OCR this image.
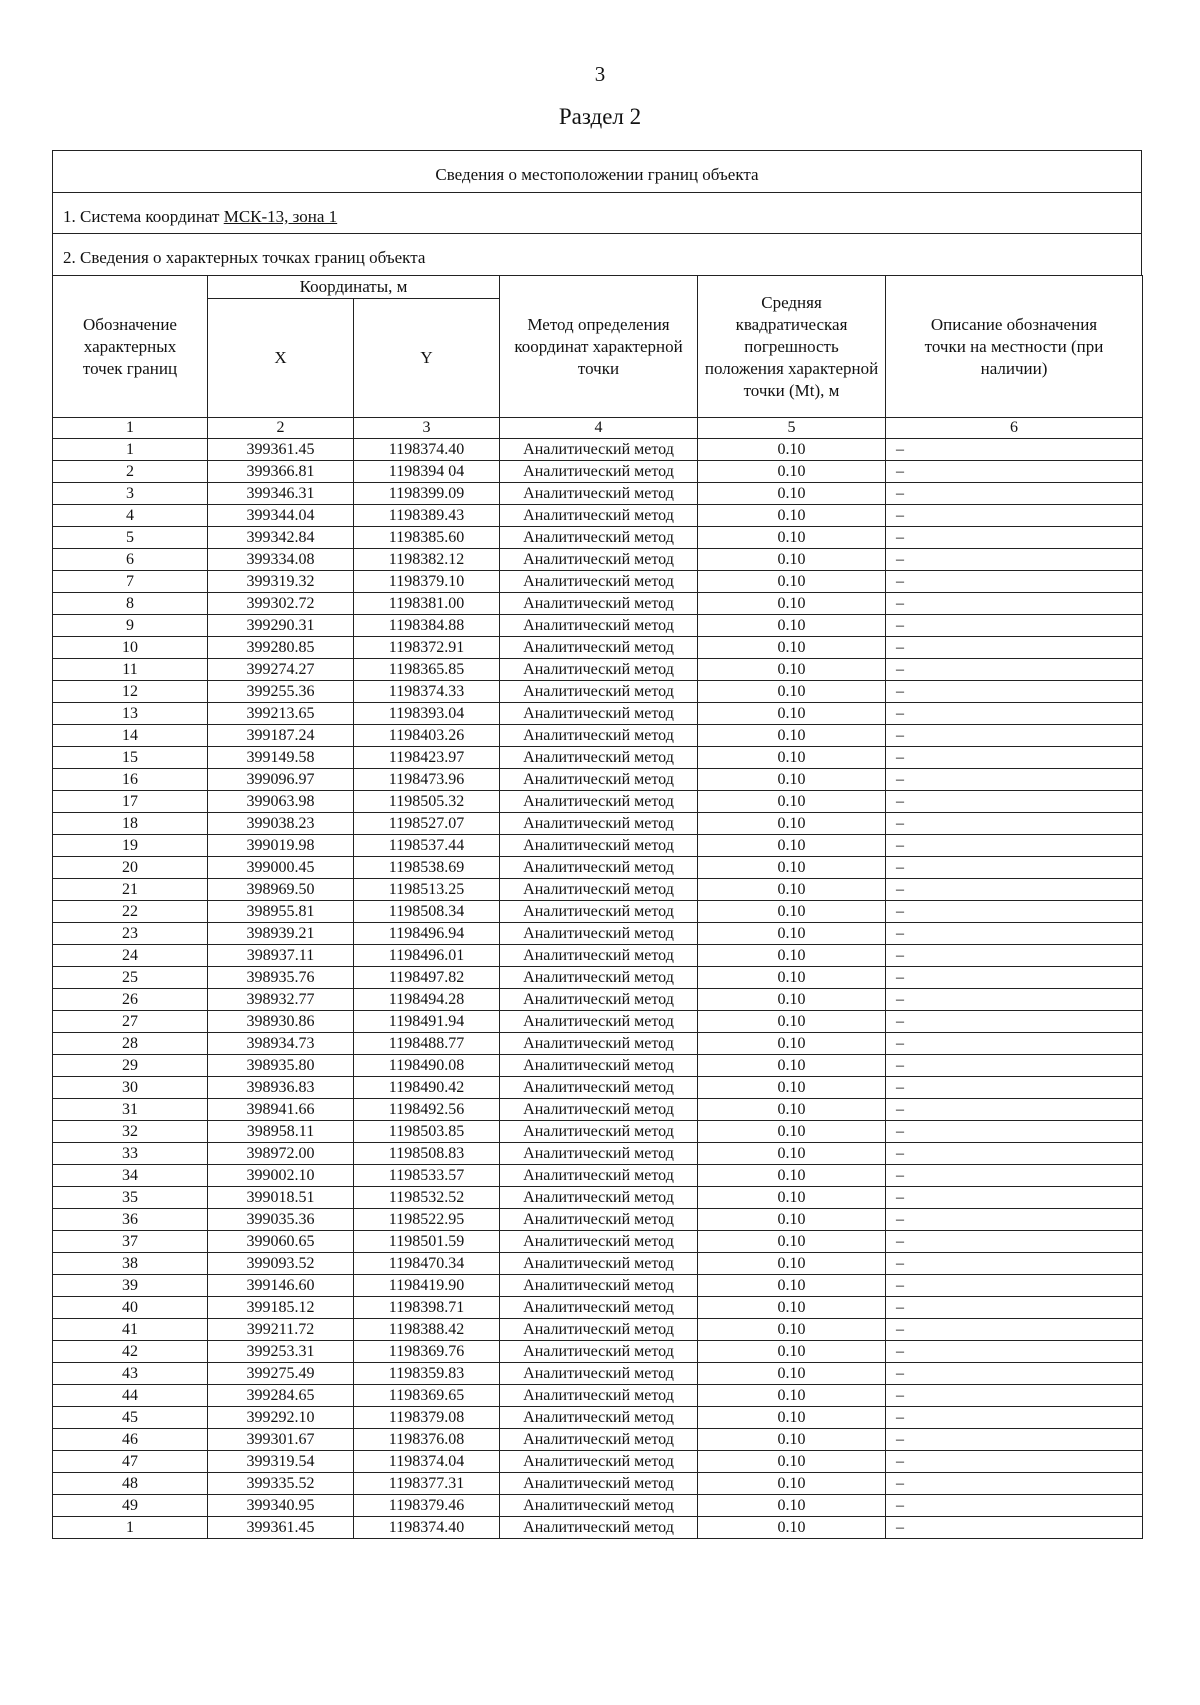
3
Раздел 2
Сведения о местоположении границ объекта
1. Система координат МСК-13, зона 1
2. Сведения о характерных точках границ объекта
Обозначение характерных точек границ	Координаты, м		Метод определения координат характерной точки	Средняя квадратическая погрешность положения характерной точки (Mt), м	Описание обозначения точки на местности (при наличии)
	X	Y			
1	2	3	4	5	6
1	399361.45	1198374.40	Аналитический метод	0.10	–
2	399366.81	1198394 04	Аналитический метод	0.10	–
3	399346.31	1198399.09	Аналитический метод	0.10	–
4	399344.04	1198389.43	Аналитический метод	0.10	–
5	399342.84	1198385.60	Аналитический метод	0.10	–
6	399334.08	1198382.12	Аналитический метод	0.10	–
7	399319.32	1198379.10	Аналитический метод	0.10	–
8	399302.72	1198381.00	Аналитический метод	0.10	–
9	399290.31	1198384.88	Аналитический метод	0.10	–
10	399280.85	1198372.91	Аналитический метод	0.10	–
11	399274.27	1198365.85	Аналитический метод	0.10	–
12	399255.36	1198374.33	Аналитический метод	0.10	–
13	399213.65	1198393.04	Аналитический метод	0.10	–
14	399187.24	1198403.26	Аналитический метод	0.10	–
15	399149.58	1198423.97	Аналитический метод	0.10	–
16	399096.97	1198473.96	Аналитический метод	0.10	–
17	399063.98	1198505.32	Аналитический метод	0.10	–
18	399038.23	1198527.07	Аналитический метод	0.10	–
19	399019.98	1198537.44	Аналитический метод	0.10	–
20	399000.45	1198538.69	Аналитический метод	0.10	–
21	398969.50	1198513.25	Аналитический метод	0.10	–
22	398955.81	1198508.34	Аналитический метод	0.10	–
23	398939.21	1198496.94	Аналитический метод	0.10	–
24	398937.11	1198496.01	Аналитический метод	0.10	–
25	398935.76	1198497.82	Аналитический метод	0.10	–
26	398932.77	1198494.28	Аналитический метод	0.10	–
27	398930.86	1198491.94	Аналитический метод	0.10	–
28	398934.73	1198488.77	Аналитический метод	0.10	–
29	398935.80	1198490.08	Аналитический метод	0.10	–
30	398936.83	1198490.42	Аналитический метод	0.10	–
31	398941.66	1198492.56	Аналитический метод	0.10	–
32	398958.11	1198503.85	Аналитический метод	0.10	–
33	398972.00	1198508.83	Аналитический метод	0.10	–
34	399002.10	1198533.57	Аналитический метод	0.10	–
35	399018.51	1198532.52	Аналитический метод	0.10	–
36	399035.36	1198522.95	Аналитический метод	0.10	–
37	399060.65	1198501.59	Аналитический метод	0.10	–
38	399093.52	1198470.34	Аналитический метод	0.10	–
39	399146.60	1198419.90	Аналитический метод	0.10	–
40	399185.12	1198398.71	Аналитический метод	0.10	–
41	399211.72	1198388.42	Аналитический метод	0.10	–
42	399253.31	1198369.76	Аналитический метод	0.10	–
43	399275.49	1198359.83	Аналитический метод	0.10	–
44	399284.65	1198369.65	Аналитический метод	0.10	–
45	399292.10	1198379.08	Аналитический метод	0.10	–
46	399301.67	1198376.08	Аналитический метод	0.10	–
47	399319.54	1198374.04	Аналитический метод	0.10	–
48	399335.52	1198377.31	Аналитический метод	0.10	–
49	399340.95	1198379.46	Аналитический метод	0.10	–
1	399361.45	1198374.40	Аналитический метод	0.10	–
